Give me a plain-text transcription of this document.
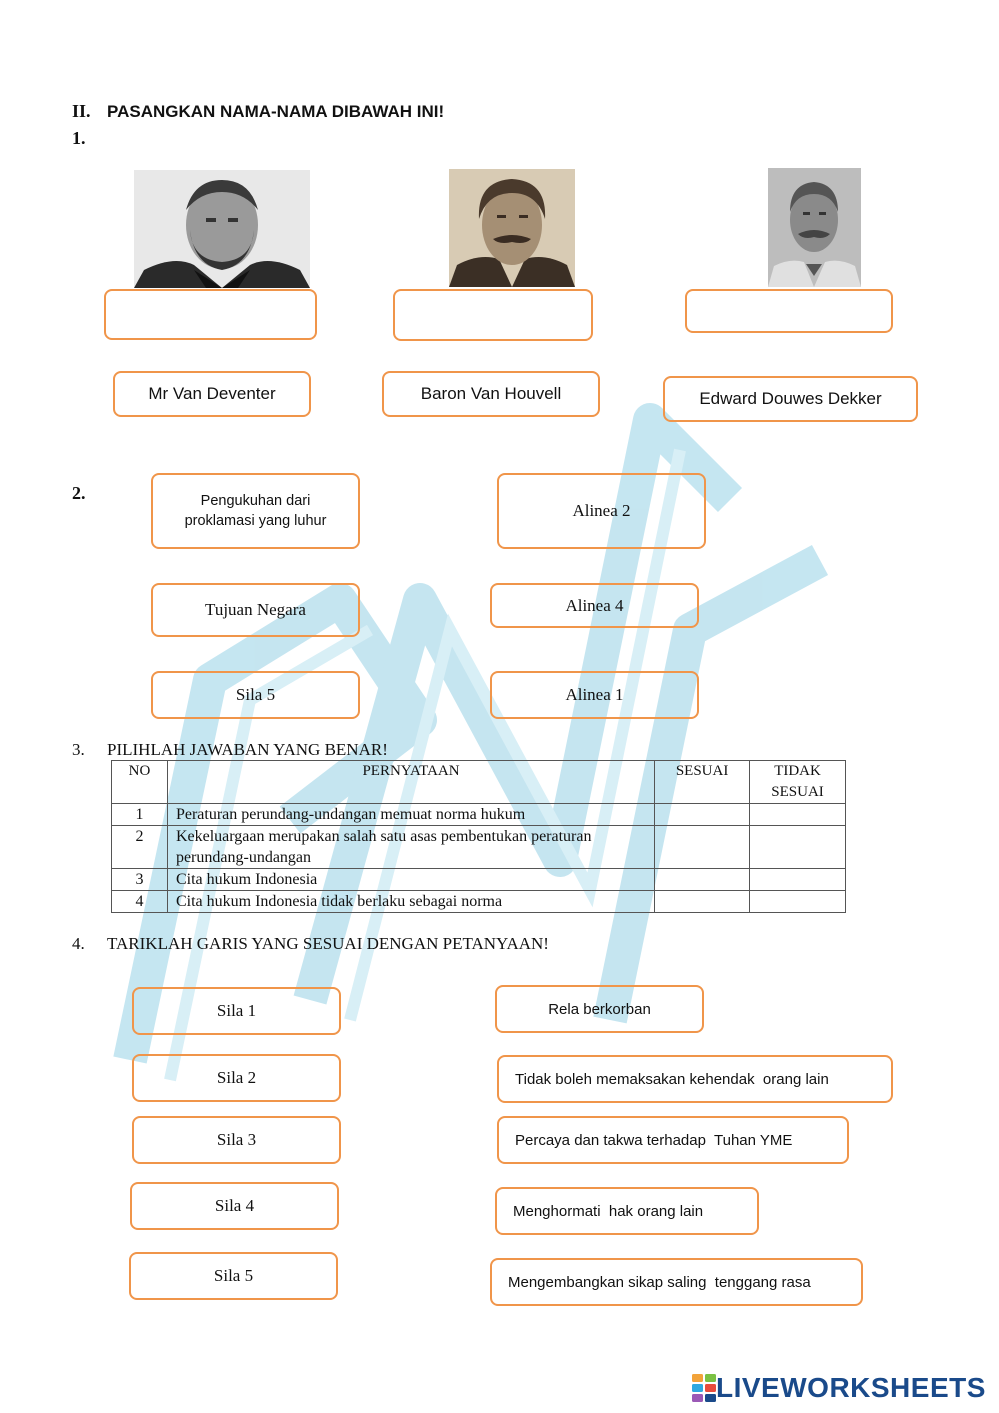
II. PASANGKAN NAMA-NAMA DIBAWAH INI!
1.
Mr Van Deventer	Baron Van Houvell	Edward Douwes Dekker
2.	Pengukuhan dari proklamasi yang luhur
Tujuan Negara
Sila 5
Alinea 2
Alinea 4
Alinea 1
3. PILIHLAH JAWABAN YANG BENAR!
NO	PERNYATAAN	SESUAI	TIDAK SESUAI
1	Peraturan perundang-undangan memuat norma hukum		
2	Kekeluargaan merupakan salah satu asas pembentukan peraturan perundang-undangan		
3	Cita hukum Indonesia		
4	Cita hukum Indonesia tidak berlaku sebagai norma		
4. TARIKLAH GARIS YANG SESUAI DENGAN PETANYAAN!
Sila 1
Sila 2
Sila 3
Sila 4
Sila 5
Rela berkorban
Tidak boleh memaksakan kehendak  orang lain
Percaya dan takwa terhadap  Tuhan YME
Menghormati  hak orang lain
Mengembangkan sikap saling  tenggang rasa
LIVEWORKSHEETS
